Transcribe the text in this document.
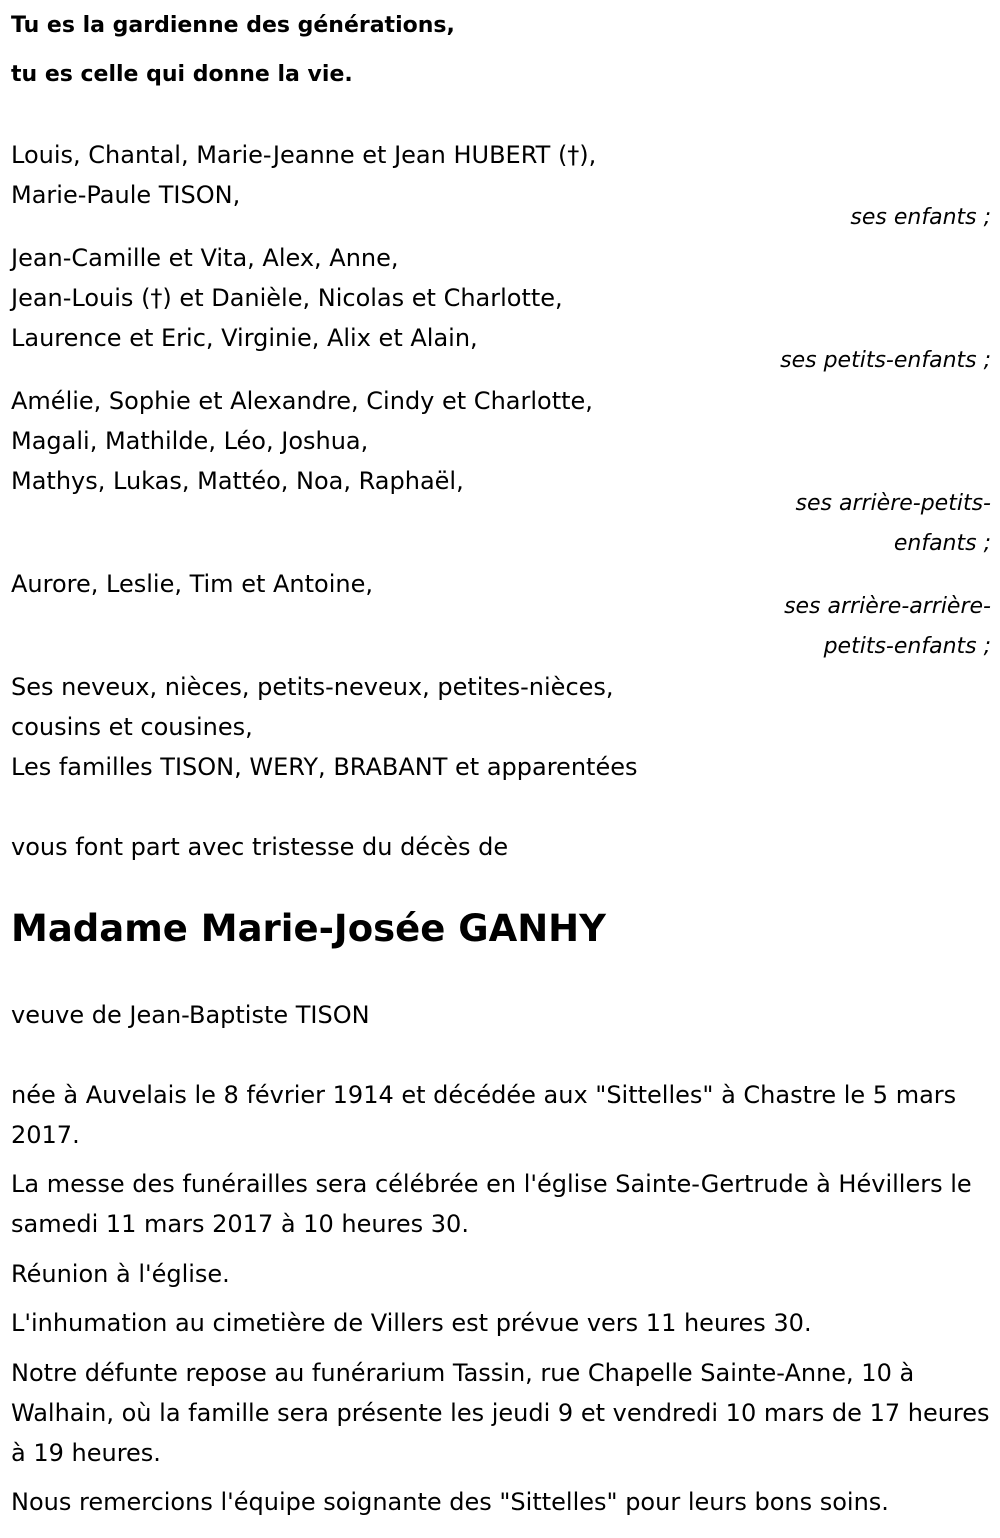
Tu es la gardienne des générations,

tu es celle qui donne la vie.

Louis, Chantal, Marie-Jeanne et Jean HUBERT (†),
Marie-Paule TISON,
ses enfants ;
Jean-Camille et Vita, Alex, Anne,
Jean-Louis (†) et Danièle, Nicolas et Charlotte,
Laurence et Eric, Virginie, Alix et Alain,
ses petits-enfants ;
Amélie, Sophie et Alexandre, Cindy et Charlotte,
Magali, Mathilde, Léo, Joshua,
Mathys, Lukas, Mattéo, Noa, Raphaël,
ses arrière-petits-
enfants ;
Aurore, Leslie, Tim et Antoine,
ses arrière-arrière-
petits-enfants ;
Ses neveux, nièces, petits-neveux, petites-nièces,
cousins et cousines,
Les familles TISON, WERY, BRABANT et apparentées
vous font part avec tristesse du décès de
Madame Marie-Josée GANHY
veuve de Jean-Baptiste TISON
née à Auvelais le 8 février 1914 et décédée aux "Sittelles" à Chastre le 5 mars 2017.
La messe des funérailles sera célébrée en l'église Sainte-Gertrude à Hévillers le samedi 11 mars 2017 à 10 heures 30.
Réunion à l'église.
L'inhumation au cimetière de Villers est prévue vers 11 heures 30.
Notre défunte repose au funérarium Tassin, rue Chapelle Sainte-Anne, 10 à Walhain, où la famille sera présente les jeudi 9 et vendredi 10 mars de 17 heures à 19 heures.
Nous remercions l'équipe soignante des "Sittelles" pour leurs bons soins.
